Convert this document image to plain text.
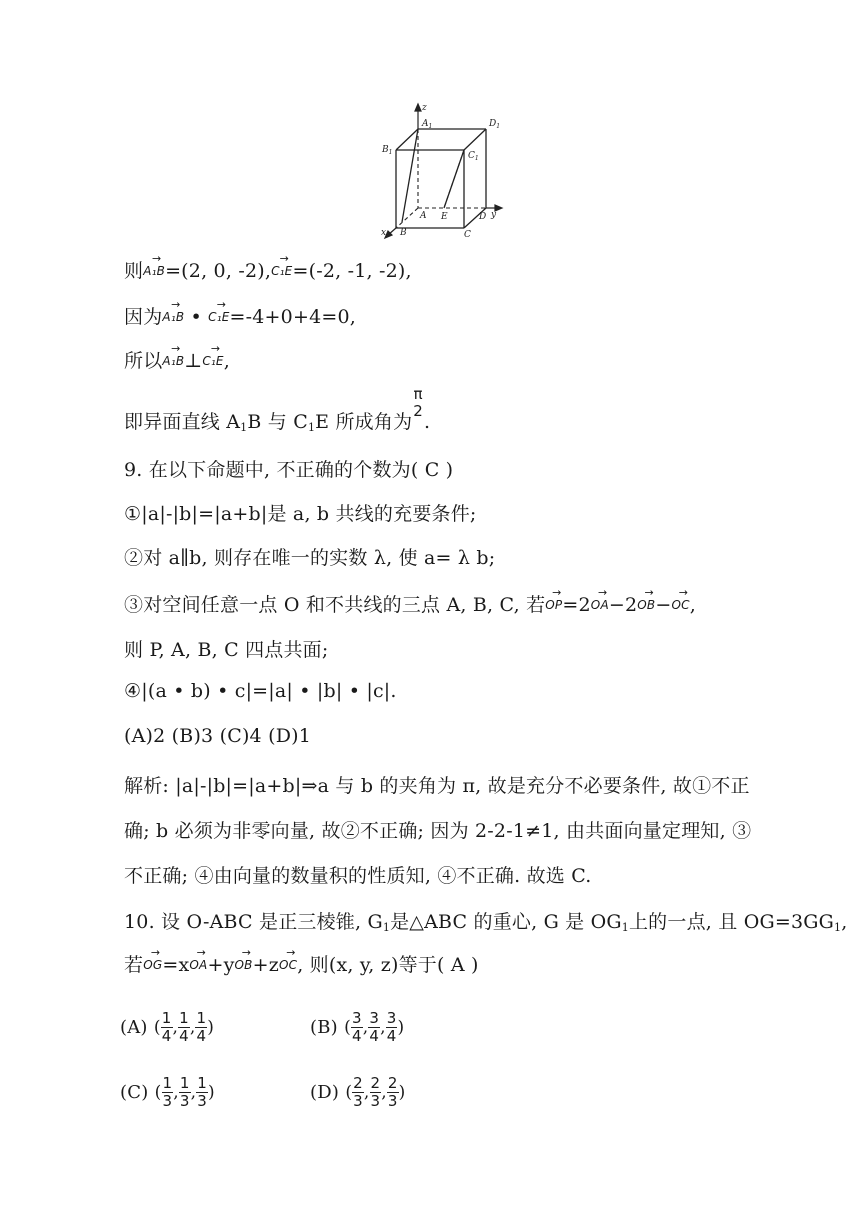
z
$A_1$	$D_1$
$B_1$	$C_1$
A E	D y
x B	C
则
→
A₁B=(2, 0, -2),
→
C₁E=(-2, -1, -2),
因为
→
A₁B •
→
C₁E=-4+0+4=0,
所以
→
A₁B⊥
→
C₁E,
即异面直线 $A_1B$ 与 $C_1E$ 所成角为
π
2 .
9. 在以下命题中, 不正确的个数为( C )
①|a|-|b|=|a+b|是 a, b 共线的充要条件;
②对 a∥b, 则存在唯一的实数 λ, 使 a= λ b;
③对空间任意一点 O 和不共线的三点 A, B, C, 若
→
OP=2
→
OA−2
→
OB−
→
OC,
则 P, A, B, C 四点共面;
④|(a • b) • c|=|a| • |b| • |c|.
(A)2 (B)3 (C)4 (D)1
解析: |a|-|b|=|a+b|⇒a 与 b 的夹角为 π, 故是充分不必要条件, 故①不正
确; b 必须为非零向量, 故②不正确; 因为 2-2-1≠1, 由共面向量定理知, ③
不正确; ④由向量的数量积的性质知, ④不正确. 故选 C.
10. 设 O-ABC 是正三棱锥, $G_1$是△ABC 的重心, G 是 $OG_1$上的一点, 且 $OG=3GG_1$,
若
→
OG=x
→
OA+y
→
OB+z
→
OC, 则(x, y, z)等于( A )
(A) ( $\frac{1}{4}$ , $\frac{1}{4}$ , $\frac{1}{4}$ )	(B) ( $\frac{3}{4}$ , $\frac{3}{4}$ , $\frac{3}{4}$ )
(C) ( $\frac{1}{3}$ , $\frac{1}{3}$ , $\frac{1}{3}$ )	(D) ( $\frac{2}{3}$ , $\frac{2}{3}$ , $\frac{2}{3}$ )
